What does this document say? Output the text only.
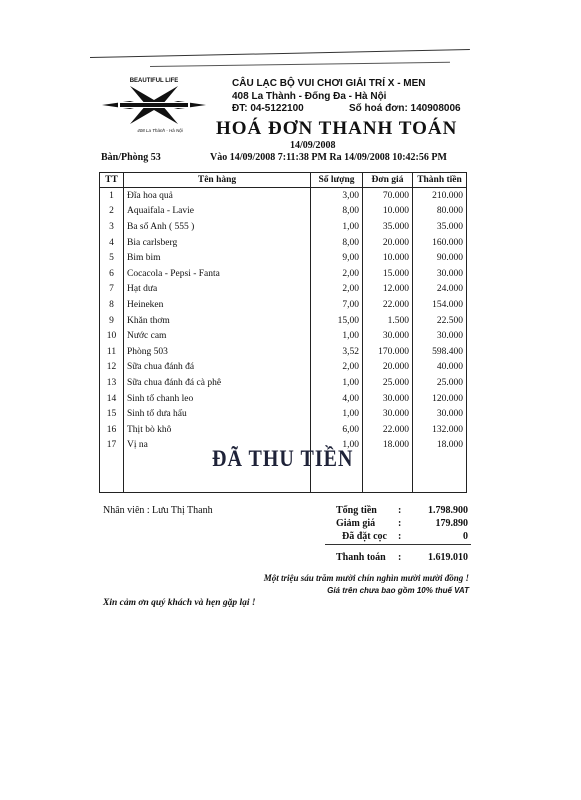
BEAUTIFUL LIFE
408 La Thành - Hà Nội
CÂU LẠC BỘ VUI CHƠI GIẢI TRÍ X - MEN
408 La Thành - Đống Đa - Hà Nội
ĐT: 04-5122100	Số hoá đơn: 140908006
HOÁ ĐƠN THANH TOÁN
14/09/2008
Bàn/Phòng 53	Vào 14/09/2008 7:11:38 PM Ra 14/09/2008 10:42:56 PM
TT	Tên hàng	Số lượng	Đơn giá	Thành tiền
1	Đĩa hoa quả	3,00	70.000	210.000
2	Aquaifala - Lavie	8,00	10.000	80.000
3	Ba số Anh ( 555 )	1,00	35.000	35.000
4	Bia carlsberg	8,00	20.000	160.000
5	Bim bim	9,00	10.000	90.000
6	Cocacola - Pepsi - Fanta	2,00	15.000	30.000
7	Hạt dưa	2,00	12.000	24.000
8	Heineken	7,00	22.000	154.000
9	Khăn thơm	15,00	1.500	22.500
10	Nước cam	1,00	30.000	30.000
11	Phòng 503	3,52	170.000	598.400
12	Sữa chua đánh đá	2,00	20.000	40.000
13	Sữa chua đánh đá cà phê	1,00	25.000	25.000
14	Sinh tố chanh leo	4,00	30.000	120.000
15	Sinh tố dưa hấu	1,00	30.000	30.000
16	Thịt bò khô	6,00	22.000	132.000
17	Vị na	1,00	18.000	18.000

ĐÃ THU TIỀN
Nhân viên : Lưu Thị Thanh	Tổng tiền :	1.798.900
Giảm giá :	179.890
Đã đặt cọc :	0
Thanh toán :	1.619.010
Một triệu sáu trăm mười chín nghìn mười mười đồng !
Giá trên chưa bao gồm 10% thuế VAT
Xin cảm ơn quý khách và hẹn gặp lại !
